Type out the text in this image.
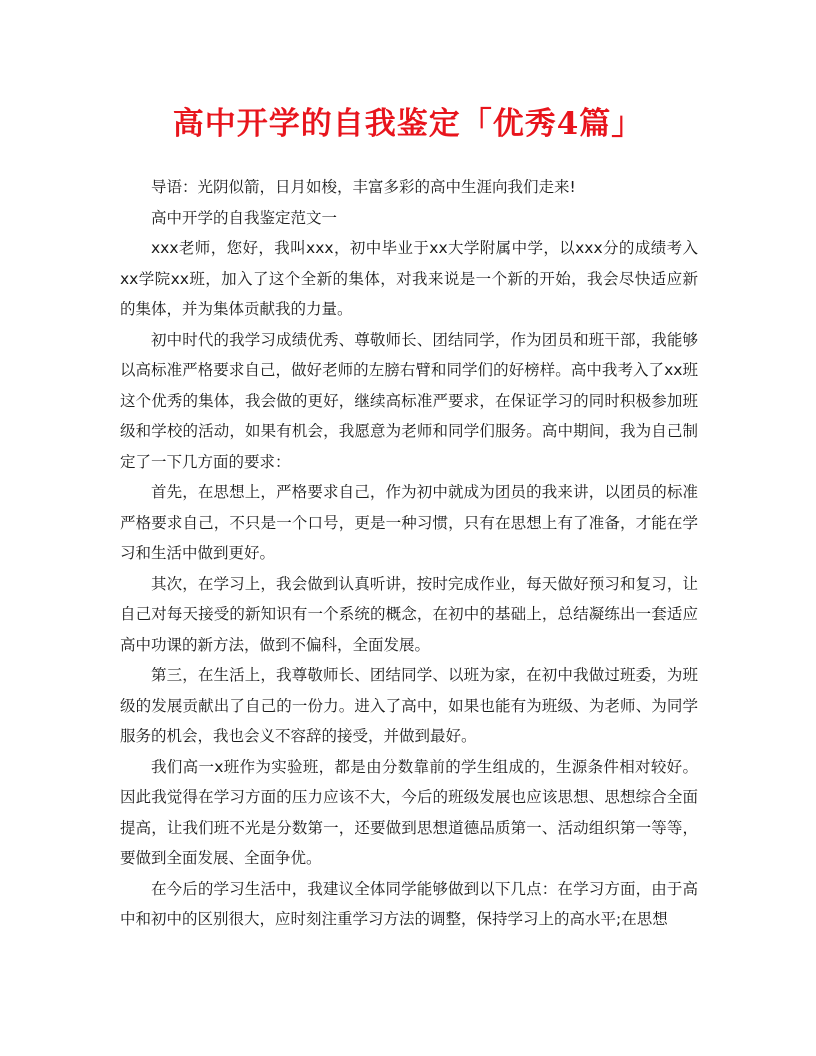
高中开学的自我鉴定「优秀4篇」

导语：光阴似箭，日月如梭，丰富多彩的高中生涯向我们走来!

高中开学的自我鉴定范文一

xxx老师，您好，我叫xxx，初中毕业于xx大学附属中学，以xxx分的成绩考入xx学院xx班，加入了这个全新的集体，对我来说是一个新的开始，我会尽快适应新的集体，并为集体贡献我的力量。

初中时代的我学习成绩优秀、尊敬师长、团结同学，作为团员和班干部，我能够以高标准严格要求自己，做好老师的左膀右臂和同学们的好榜样。高中我考入了xx班这个优秀的集体，我会做的更好，继续高标准严要求，在保证学习的同时积极参加班级和学校的活动，如果有机会，我愿意为老师和同学们服务。高中期间，我为自己制定了一下几方面的要求：

首先，在思想上，严格要求自己，作为初中就成为团员的我来讲，以团员的标准严格要求自己，不只是一个口号，更是一种习惯，只有在思想上有了准备，才能在学习和生活中做到更好。

其次，在学习上，我会做到认真听讲，按时完成作业，每天做好预习和复习，让自己对每天接受的新知识有一个系统的概念，在初中的基础上，总结凝练出一套适应高中功课的新方法，做到不偏科，全面发展。

第三，在生活上，我尊敬师长、团结同学、以班为家，在初中我做过班委，为班级的发展贡献出了自己的一份力。进入了高中，如果也能有为班级、为老师、为同学服务的机会，我也会义不容辞的接受，并做到最好。

我们高一x班作为实验班，都是由分数靠前的学生组成的，生源条件相对较好。因此我觉得在学习方面的压力应该不大，今后的班级发展也应该思想、思想综合全面提高，让我们班不光是分数第一，还要做到思想道德品质第一、活动组织第一等等，要做到全面发展、全面争优。

在今后的学习生活中，我建议全体同学能够做到以下几点：在学习方面，由于高中和初中的区别很大，应时刻注重学习方法的调整，保持学习上的高水平;在思想
